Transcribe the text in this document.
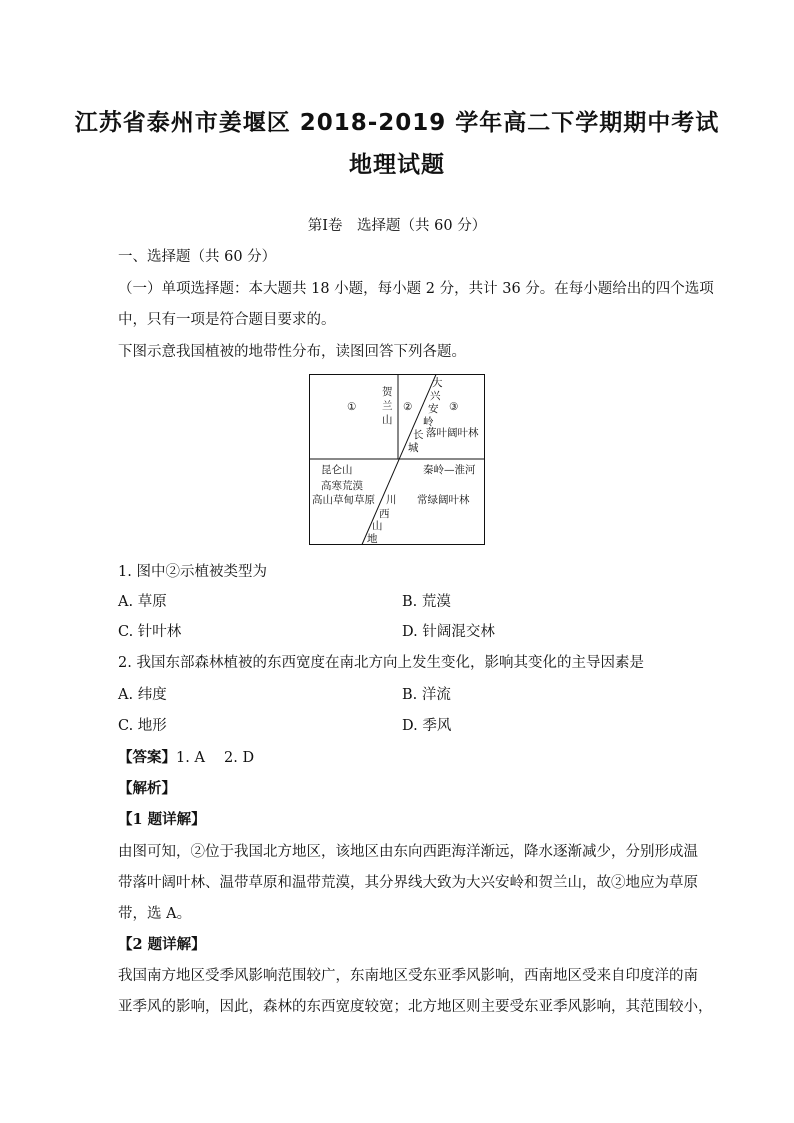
江苏省泰州市姜堰区 2018-2019 学年高二下学期期中考试
地理试题
第Ⅰ卷　选择题（共 60 分）
一、选择题（共 60 分）
（一）单项选择题：本大题共 18 小题，每小题 2 分，共计 36 分。在每小题给出的四个选项
中，只有一项是符合题目要求的。
下图示意我国植被的地带性分布，读图回答下列各题。
①
贺
兰
山
②
大
兴
安
岭
③
长
城
落叶阔叶林
昆仑山
高寒荒漠
高山草甸草原 川
西
山
地
秦岭—淮河
常绿阔叶林
1. 图中②示植被类型为
A. 草原	B. 荒漠
C. 针叶林	D. 针阔混交林
2. 我国东部森林植被的东西宽度在南北方向上发生变化，影响其变化的主导因素是
A. 纬度	B. 洋流
C. 地形	D. 季风
【答案】1. A　 2. D
【解析】
【1 题详解】
由图可知，②位于我国北方地区，该地区由东向西距海洋渐远，降水逐渐减少，分别形成温
带落叶阔叶林、温带草原和温带荒漠，其分界线大致为大兴安岭和贺兰山，故②地应为草原
带，选 A。
【2 题详解】
我国南方地区受季风影响范围较广，东南地区受东亚季风影响，西南地区受来自印度洋的南
亚季风的影响，因此，森林的东西宽度较宽；北方地区则主要受东亚季风影响，其范围较小，
